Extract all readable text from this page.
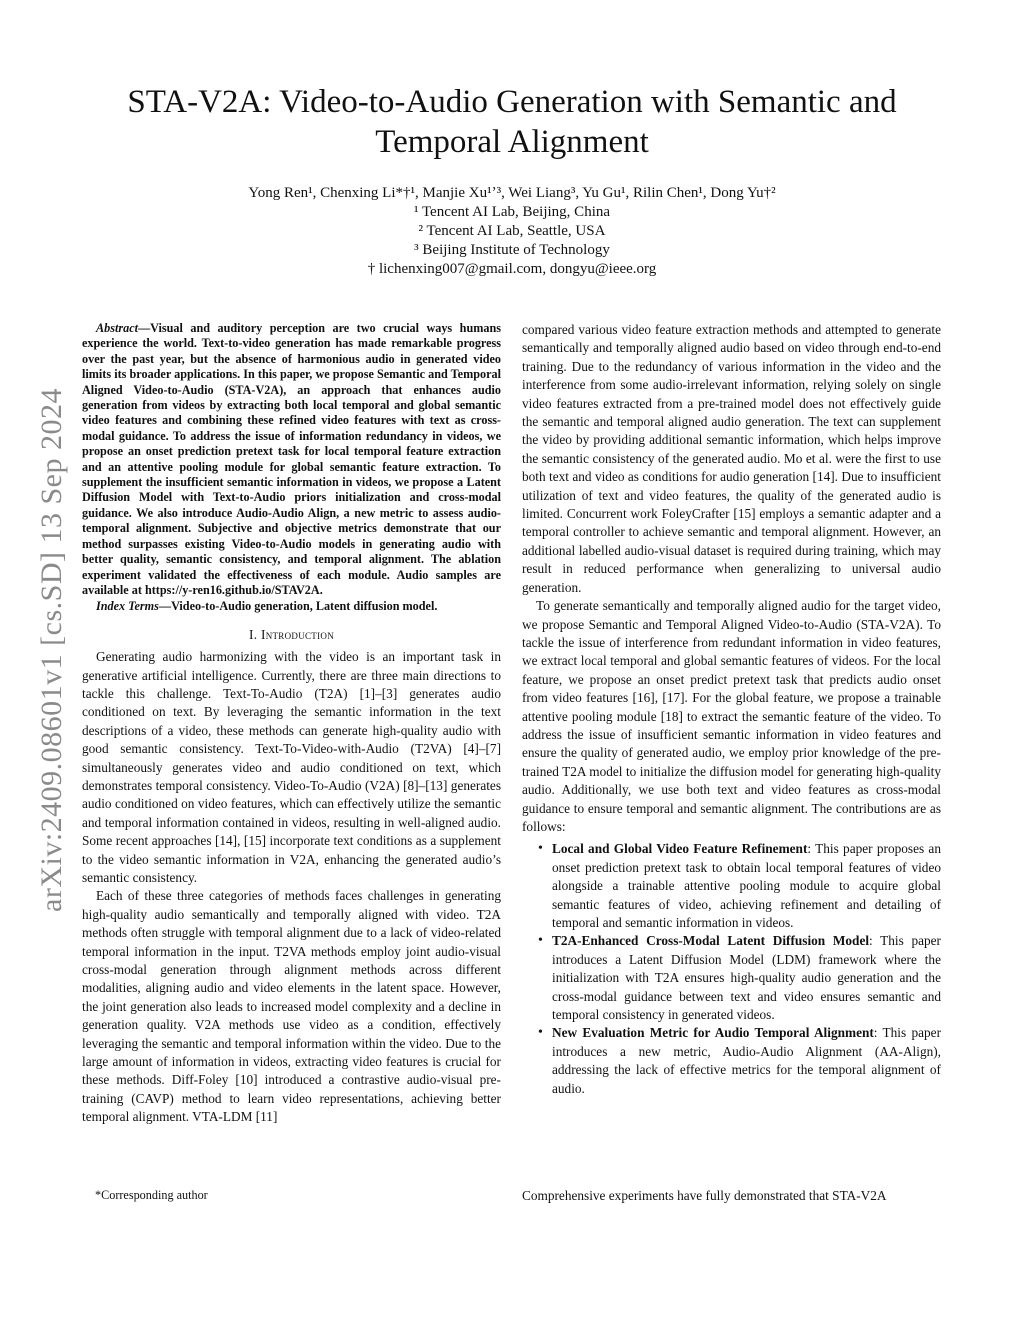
arXiv:2409.08601v1 [cs.SD] 13 Sep 2024
STA-V2A: Video-to-Audio Generation with Semantic and
Temporal Alignment
Yong Ren¹, Chenxing Li*†¹, Manjie Xu¹ʼ³, Wei Liang³, Yu Gu¹, Rilin Chen¹, Dong Yu†²
¹ Tencent AI Lab, Beijing, China
² Tencent AI Lab, Seattle, USA
³ Beijing Institute of Technology
† lichenxing007@gmail.com, dongyu@ieee.org
Abstract—Visual and auditory perception are two crucial ways humans experience the world. Text-to-video generation has made remarkable progress over the past year, but the absence of harmonious audio in generated video limits its broader applications. In this paper, we propose Semantic and Temporal Aligned Video-to-Audio (STA-V2A), an approach that enhances audio generation from videos by extracting both local temporal and global semantic video features and combining these refined video features with text as cross-modal guidance. To address the issue of information redundancy in videos, we propose an onset prediction pretext task for local temporal feature extraction and an attentive pooling module for global semantic feature extraction. To supplement the insufficient semantic information in videos, we propose a Latent Diffusion Model with Text-to-Audio priors initialization and cross-modal guidance. We also introduce Audio-Audio Align, a new metric to assess audio-temporal alignment. Subjective and objective metrics demonstrate that our method surpasses existing Video-to-Audio models in generating audio with better quality, semantic consistency, and temporal alignment. The ablation experiment validated the effectiveness of each module. Audio samples are available at https://y-ren16.github.io/STAV2A.
Index Terms—Video-to-Audio generation, Latent diffusion model.
I. Introduction

Generating audio harmonizing with the video is an important task in generative artificial intelligence. Currently, there are three main directions to tackle this challenge. Text-To-Audio (T2A) [1]–[3] generates audio conditioned on text. By leveraging the semantic information in the text descriptions of a video, these methods can generate high-quality audio with good semantic consistency. Text-To-Video-with-Audio (T2VA) [4]–[7] simultaneously generates video and audio conditioned on text, which demonstrates temporal consistency. Video-To-Audio (V2A) [8]–[13] generates audio conditioned on video features, which can effectively utilize the semantic and temporal information contained in videos, resulting in well-aligned audio. Some recent approaches [14], [15] incorporate text conditions as a supplement to the video semantic information in V2A, enhancing the generated audio’s semantic consistency.

Each of these three categories of methods faces challenges in generating high-quality audio semantically and temporally aligned with video. T2A methods often struggle with temporal alignment due to a lack of video-related temporal information in the input. T2VA methods employ joint audio-visual cross-modal generation through alignment methods across different modalities, aligning audio and video elements in the latent space. However, the joint generation also leads to increased model complexity and a decline in generation quality. V2A methods use video as a condition, effectively leveraging the semantic and temporal information within the video. Due to the large amount of information in videos, extracting video features is crucial for these methods. Diff-Foley [10] introduced a contrastive audio-visual pre-training (CAVP) method to learn video representations, achieving better temporal alignment. VTA-LDM [11]

*Corresponding author

compared various video feature extraction methods and attempted to generate semantically and temporally aligned audio based on video through end-to-end training. Due to the redundancy of various information in the video and the interference from some audio-irrelevant information, relying solely on single video features extracted from a pre-trained model does not effectively guide the semantic and temporal aligned audio generation. The text can supplement the video by providing additional semantic information, which helps improve the semantic consistency of the generated audio. Mo et al. were the first to use both text and video as conditions for audio generation [14]. Due to insufficient utilization of text and video features, the quality of the generated audio is limited. Concurrent work FoleyCrafter [15] employs a semantic adapter and a temporal controller to achieve semantic and temporal alignment. However, an additional labelled audio-visual dataset is required during training, which may result in reduced performance when generalizing to universal audio generation.

To generate semantically and temporally aligned audio for the target video, we propose Semantic and Temporal Aligned Video-to-Audio (STA-V2A). To tackle the issue of interference from redundant information in video features, we extract local temporal and global semantic features of videos. For the local feature, we propose an onset predict pretext task that predicts audio onset from video features [16], [17]. For the global feature, we propose a trainable attentive pooling module [18] to extract the semantic feature of the video. To address the issue of insufficient semantic information in video features and ensure the quality of generated audio, we employ prior knowledge of the pre-trained T2A model to initialize the diffusion model for generating high-quality audio. Additionally, we use both text and video features as cross-modal guidance to ensure temporal and semantic alignment. The contributions are as follows:

• Local and Global Video Feature Refinement: This paper proposes an onset prediction pretext task to obtain local temporal features of video alongside a trainable attentive pooling module to acquire global semantic features of video, achieving refinement and detailing of temporal and semantic information in videos.
• T2A-Enhanced Cross-Modal Latent Diffusion Model: This paper introduces a Latent Diffusion Model (LDM) framework where the initialization with T2A ensures high-quality audio generation and the cross-modal guidance between text and video ensures semantic and temporal consistency in generated videos.
• New Evaluation Metric for Audio Temporal Alignment: This paper introduces a new metric, Audio-Audio Alignment (AA-Align), addressing the lack of effective metrics for the temporal alignment of audio.
Comprehensive experiments have fully demonstrated that STA-V2A
